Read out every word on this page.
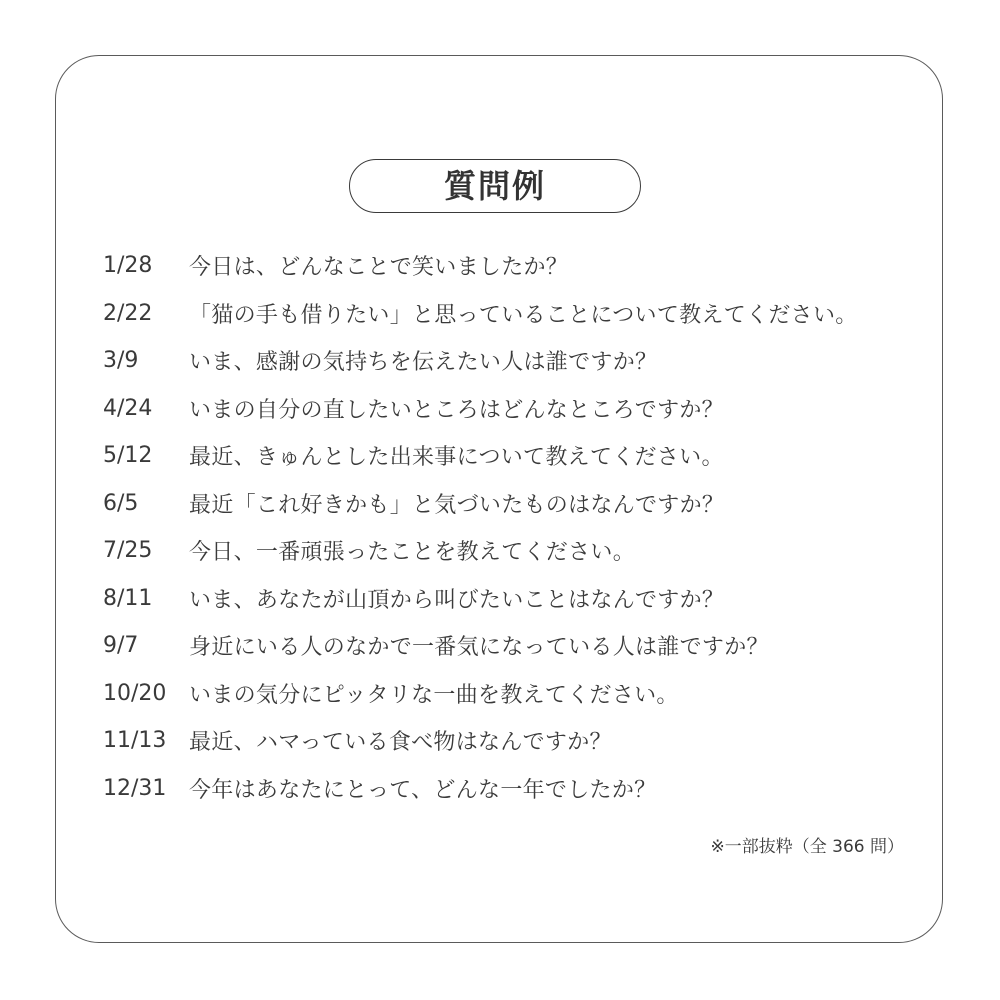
質問例
1/28	今日は、どんなことで笑いましたか？
2/22	「猫の手も借りたい」と思っていることについて教えてください。
3/9	いま、感謝の気持ちを伝えたい人は誰ですか？
4/24	いまの自分の直したいところはどんなところですか？
5/12	最近、きゅんとした出来事について教えてください。
6/5	最近「これ好きかも」と気づいたものはなんですか？
7/25	今日、一番頑張ったことを教えてください。
8/11	いま、あなたが山頂から叫びたいことはなんですか？
9/7	身近にいる人のなかで一番気になっている人は誰ですか？
10/20	いまの気分にピッタリな一曲を教えてください。
11/13	最近、ハマっている食べ物はなんですか？
12/31	今年はあなたにとって、どんな一年でしたか？
※一部抜粋（全 366 問）
